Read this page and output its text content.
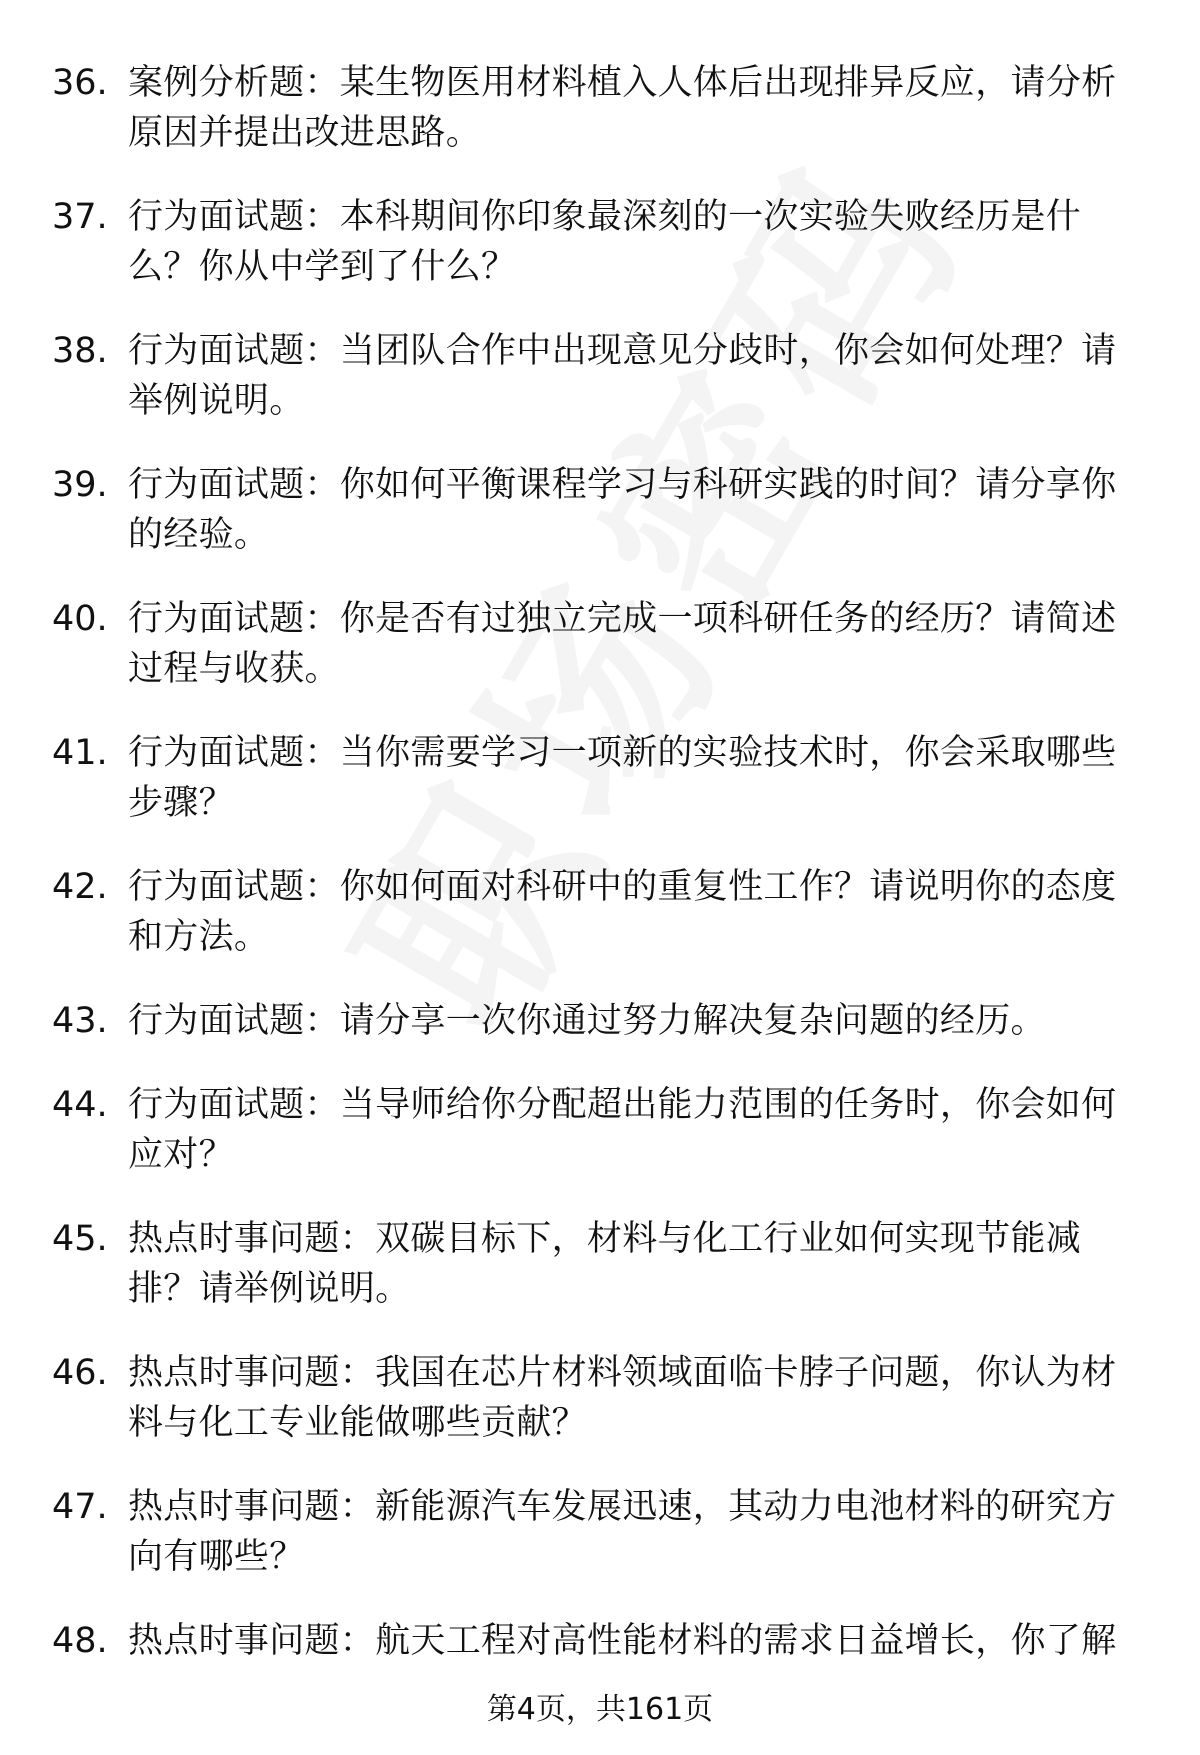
36. 案例分析题：某生物医用材料植入人体后出现排异反应，请分析原因并提出改进思路。
37. 行为面试题：本科期间你印象最深刻的一次实验失败经历是什么？你从中学到了什么？
38. 行为面试题：当团队合作中出现意见分歧时，你会如何处理？请举例说明。
39. 行为面试题：你如何平衡课程学习与科研实践的时间？请分享你的经验。
40. 行为面试题：你是否有过独立完成一项科研任务的经历？请简述过程与收获。
41. 行为面试题：当你需要学习一项新的实验技术时，你会采取哪些步骤？
42. 行为面试题：你如何面对科研中的重复性工作？请说明你的态度和方法。
43. 行为面试题：请分享一次你通过努力解决复杂问题的经历。
44. 行为面试题：当导师给你分配超出能力范围的任务时，你会如何应对？
45. 热点时事问题：双碳目标下，材料与化工行业如何实现节能减排？请举例说明。
46. 热点时事问题：我国在芯片材料领域面临卡脖子问题，你认为材料与化工专业能做哪些贡献？
47. 热点时事问题：新能源汽车发展迅速，其动力电池材料的研究方向有哪些？
48. 热点时事问题：航天工程对高性能材料的需求日益增长，你了解
第4页，共161页
